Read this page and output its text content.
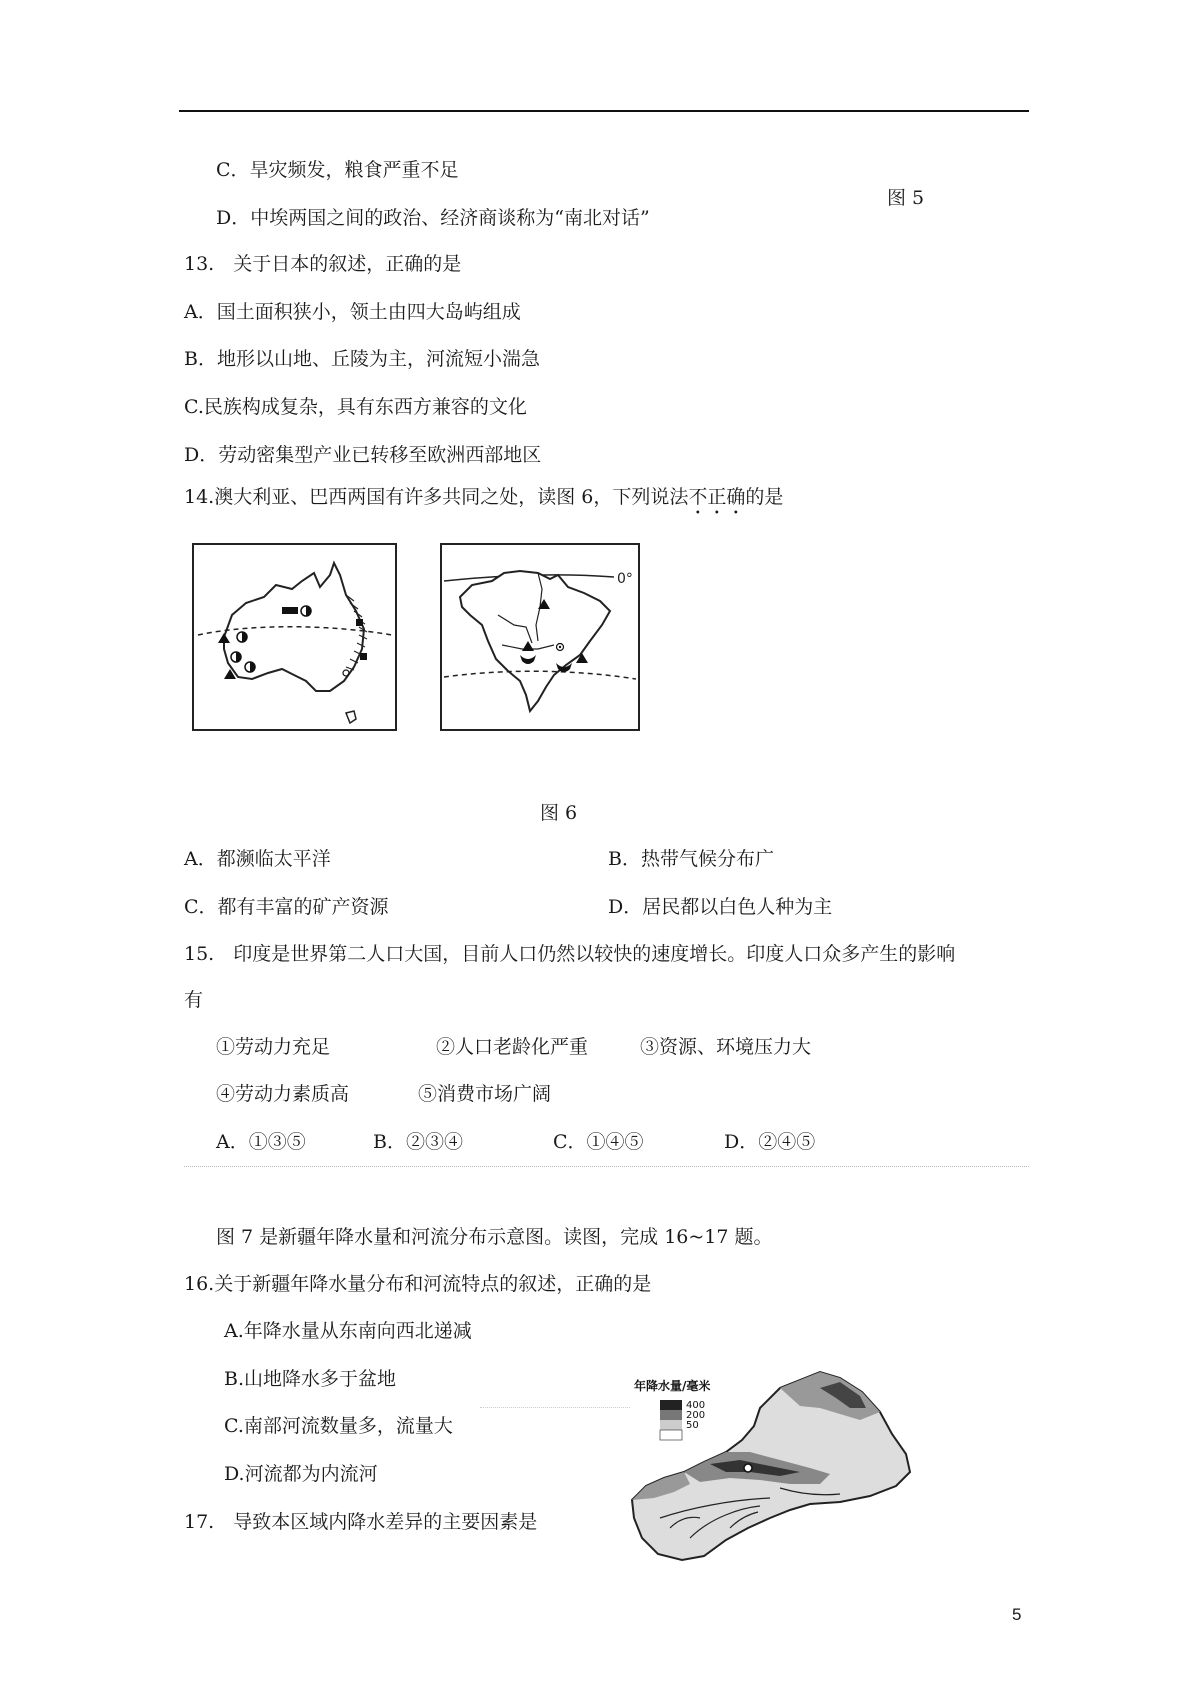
C．旱灾频发，粮食严重不足
D．中埃两国之间的政治、经济商谈称为“南北对话”
图 5
13.　关于日本的叙述，正确的是
A．国土面积狭小，领土由四大岛屿组成
B．地形以山地、丘陵为主，河流短小湍急
C.民族构成复杂，具有东西方兼容的文化
D．劳动密集型产业已转移至欧洲西部地区
14.澳大利亚、巴西两国有许多共同之处，读图 6，下列说法不正确的是
0°
图 6
A．都濒临太平洋	B．热带气候分布广
C．都有丰富的矿产资源	D．居民都以白色人种为主
15.　印度是世界第二人口大国，目前人口仍然以较快的速度增长。印度人口众多产生的影响
有
①劳动力充足	②人口老龄化严重	③资源、环境压力大
④劳动力素质高	⑤消费市场广阔
A．①③⑤	B．②③④	C．①④⑤	D．②④⑤
图 7 是新疆年降水量和河流分布示意图。读图，完成 16~17 题。
16.关于新疆年降水量分布和河流特点的叙述，正确的是
A.年降水量从东南向西北递减
B.山地降水多于盆地
C.南部河流数量多，流量大
D.河流都为内流河
年降水量/毫米
400
200
50
17.　导致本区域内降水差异的主要因素是
5
